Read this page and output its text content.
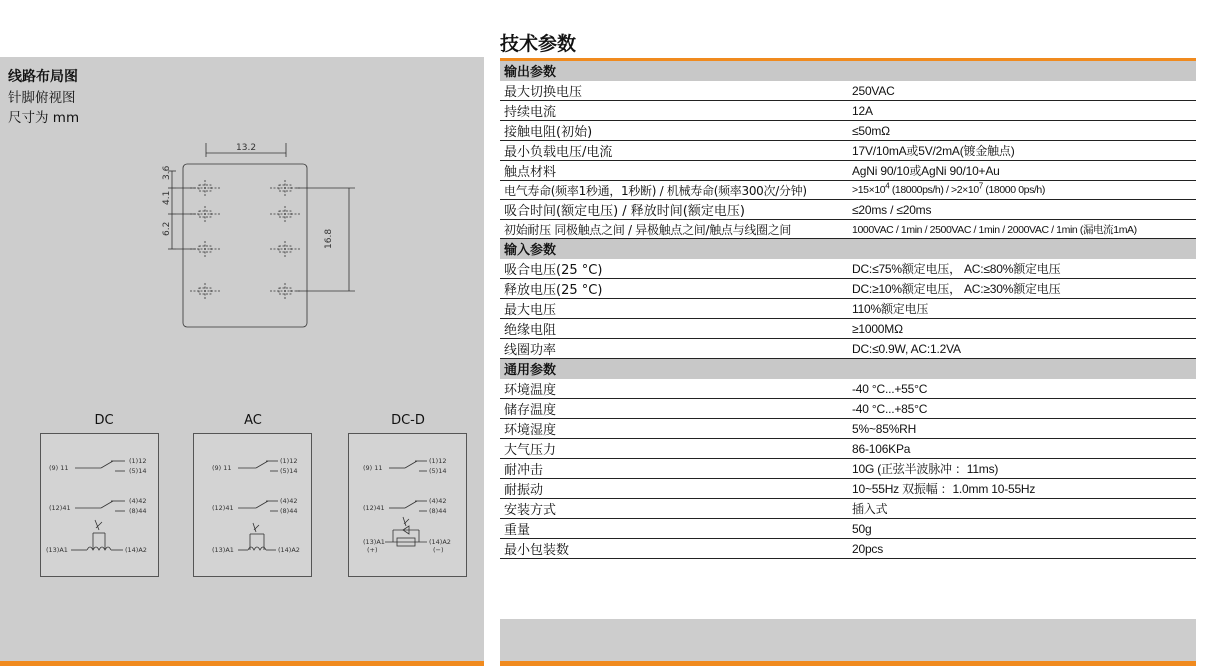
技术参数
线路布局图
针脚俯视图
尺寸为 mm
13.2
3.6
4.1
6.2
16.8
DC	AC	DC-D
(9) 11
(1)12
(5)14
(12)41
(4)42
(8)44
(13)A1	(14)A2
(9) 11
(1)12
(5)14
(12)41
(4)42
(8)44
(13)A1	(14)A2
(9) 11
(1)12
(5)14
(12)41
(4)42
(8)44
(13)A1
(+)
(14)A2
(−)
输出参数	
最大切换电压	250VAC
持续电流	12A
接触电阻(初始)	≤50mΩ
最小负载电压/电流	17V/10mA或5V/2mA(镀金触点)
触点材料	AgNi 90/10或AgNi 90/10+Au
电气寿命(频率1秒通，1秒断) / 机械寿命(频率300次/分钟)	$>15\times 10^4$ $(18000ps/h) / >2\times 10^7$ (18000 0ps/h)
吸合时间(额定电压) / 释放时间(额定电压)	≤20ms / ≤20ms
初始耐压 同极触点之间 / 异极触点之间/触点与线圈之间	1000VAC / 1min / 2500VAC / 1min / 2000VAC / 1min (漏电流1mA)
输入参数	
吸合电压(25 °C)	DC:≤75%额定电压， AC:≤80%额定电压
释放电压(25 °C)	DC:≥10%额定电压， AC:≥30%额定电压
最大电压	110%额定电压
绝缘电阻	≥1000MΩ
线圈功率	DC:≤0.9W, AC:1.2VA
通用参数	
环境温度	-40 °C...+55°C
储存温度	-40 °C...+85°C
环境湿度	5%~85%RH
大气压力	86-106KPa
耐冲击	10G (正弦半波脉冲 ：11ms)
耐振动	10~55Hz 双振幅 ：1.0mm 10-55Hz
安装方式	插入式
重量	50g
最小包装数	20pcs
